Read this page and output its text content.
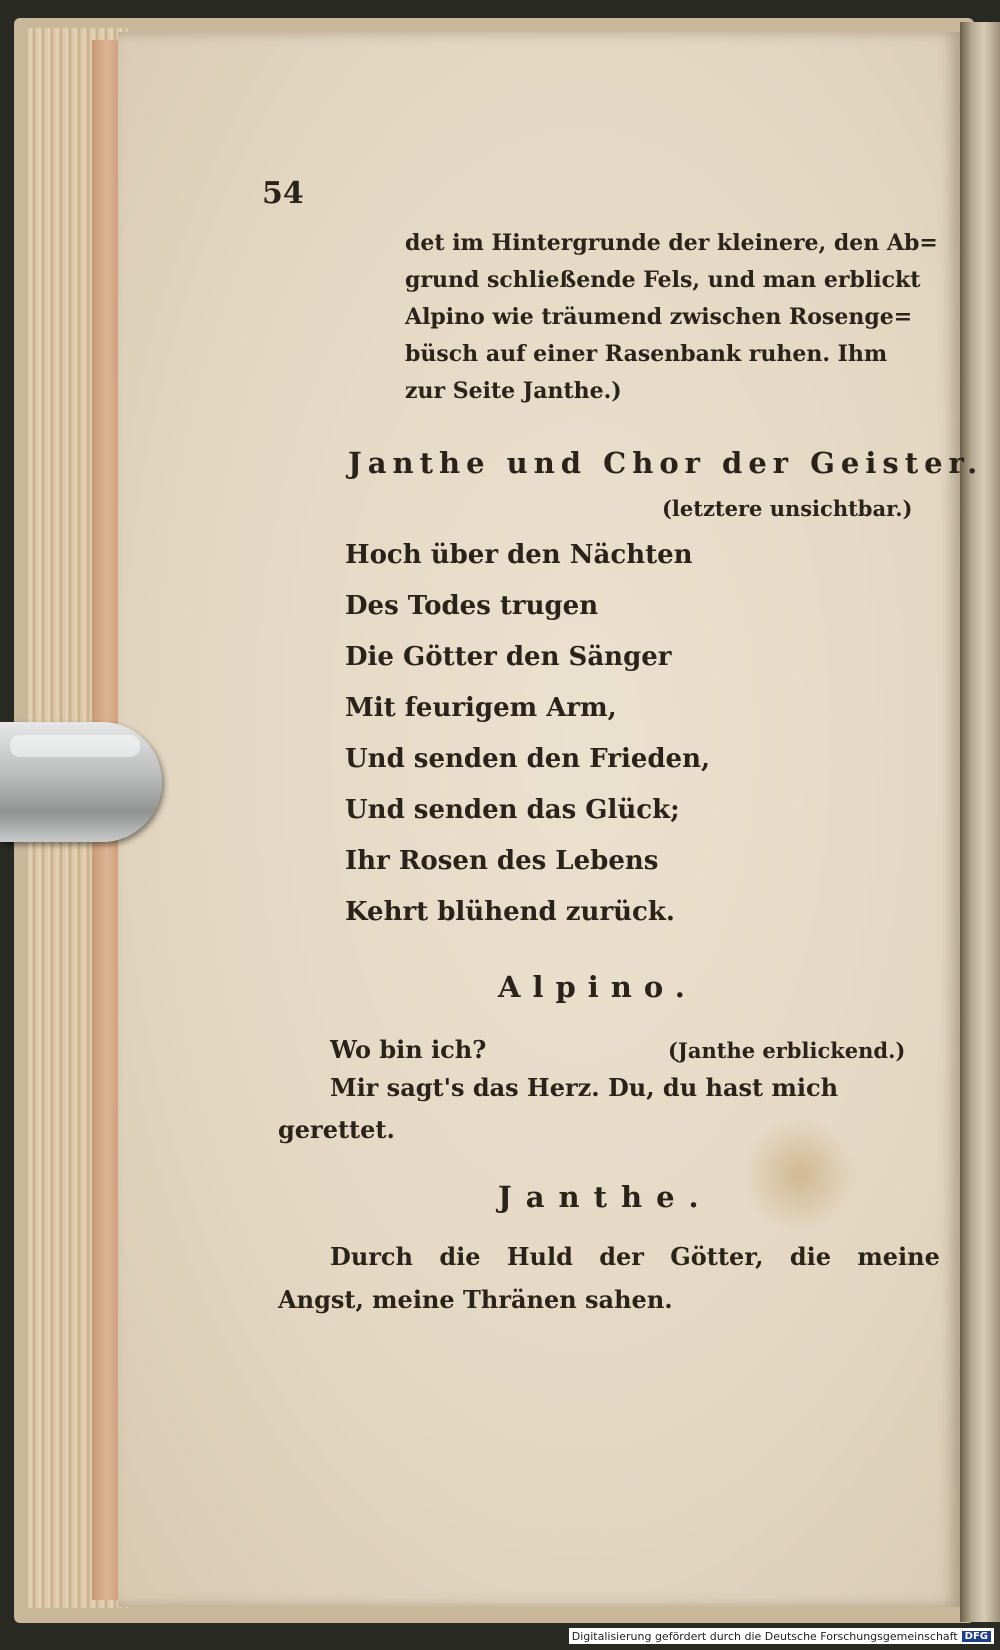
54
det im Hintergrunde der kleinere, den Ab=
grund schließende Fels, und man erblickt
Alpino wie träumend zwischen Rosenge=
büsch auf einer Rasenbank ruhen. Ihm
zur Seite Janthe.)
Janthe und Chor der Geister.
(letztere unsichtbar.)
Hoch über den Nächten
Des Todes trugen
Die Götter den Sänger
Mit feurigem Arm,
Und senden den Frieden,
Und senden das Glück;
Ihr Rosen des Lebens
Kehrt blühend zurück.
Alpino.
Wo bin ich?	(Janthe erblickend.)
Mir sagt's das Herz. Du, du hast mich
gerettet.
Janthe.
Durch die Huld der Götter, die meine
Angst, meine Thränen sahen.
Digitalisierung gefördert durch die Deutsche Forschungsgemeinschaft DFG
